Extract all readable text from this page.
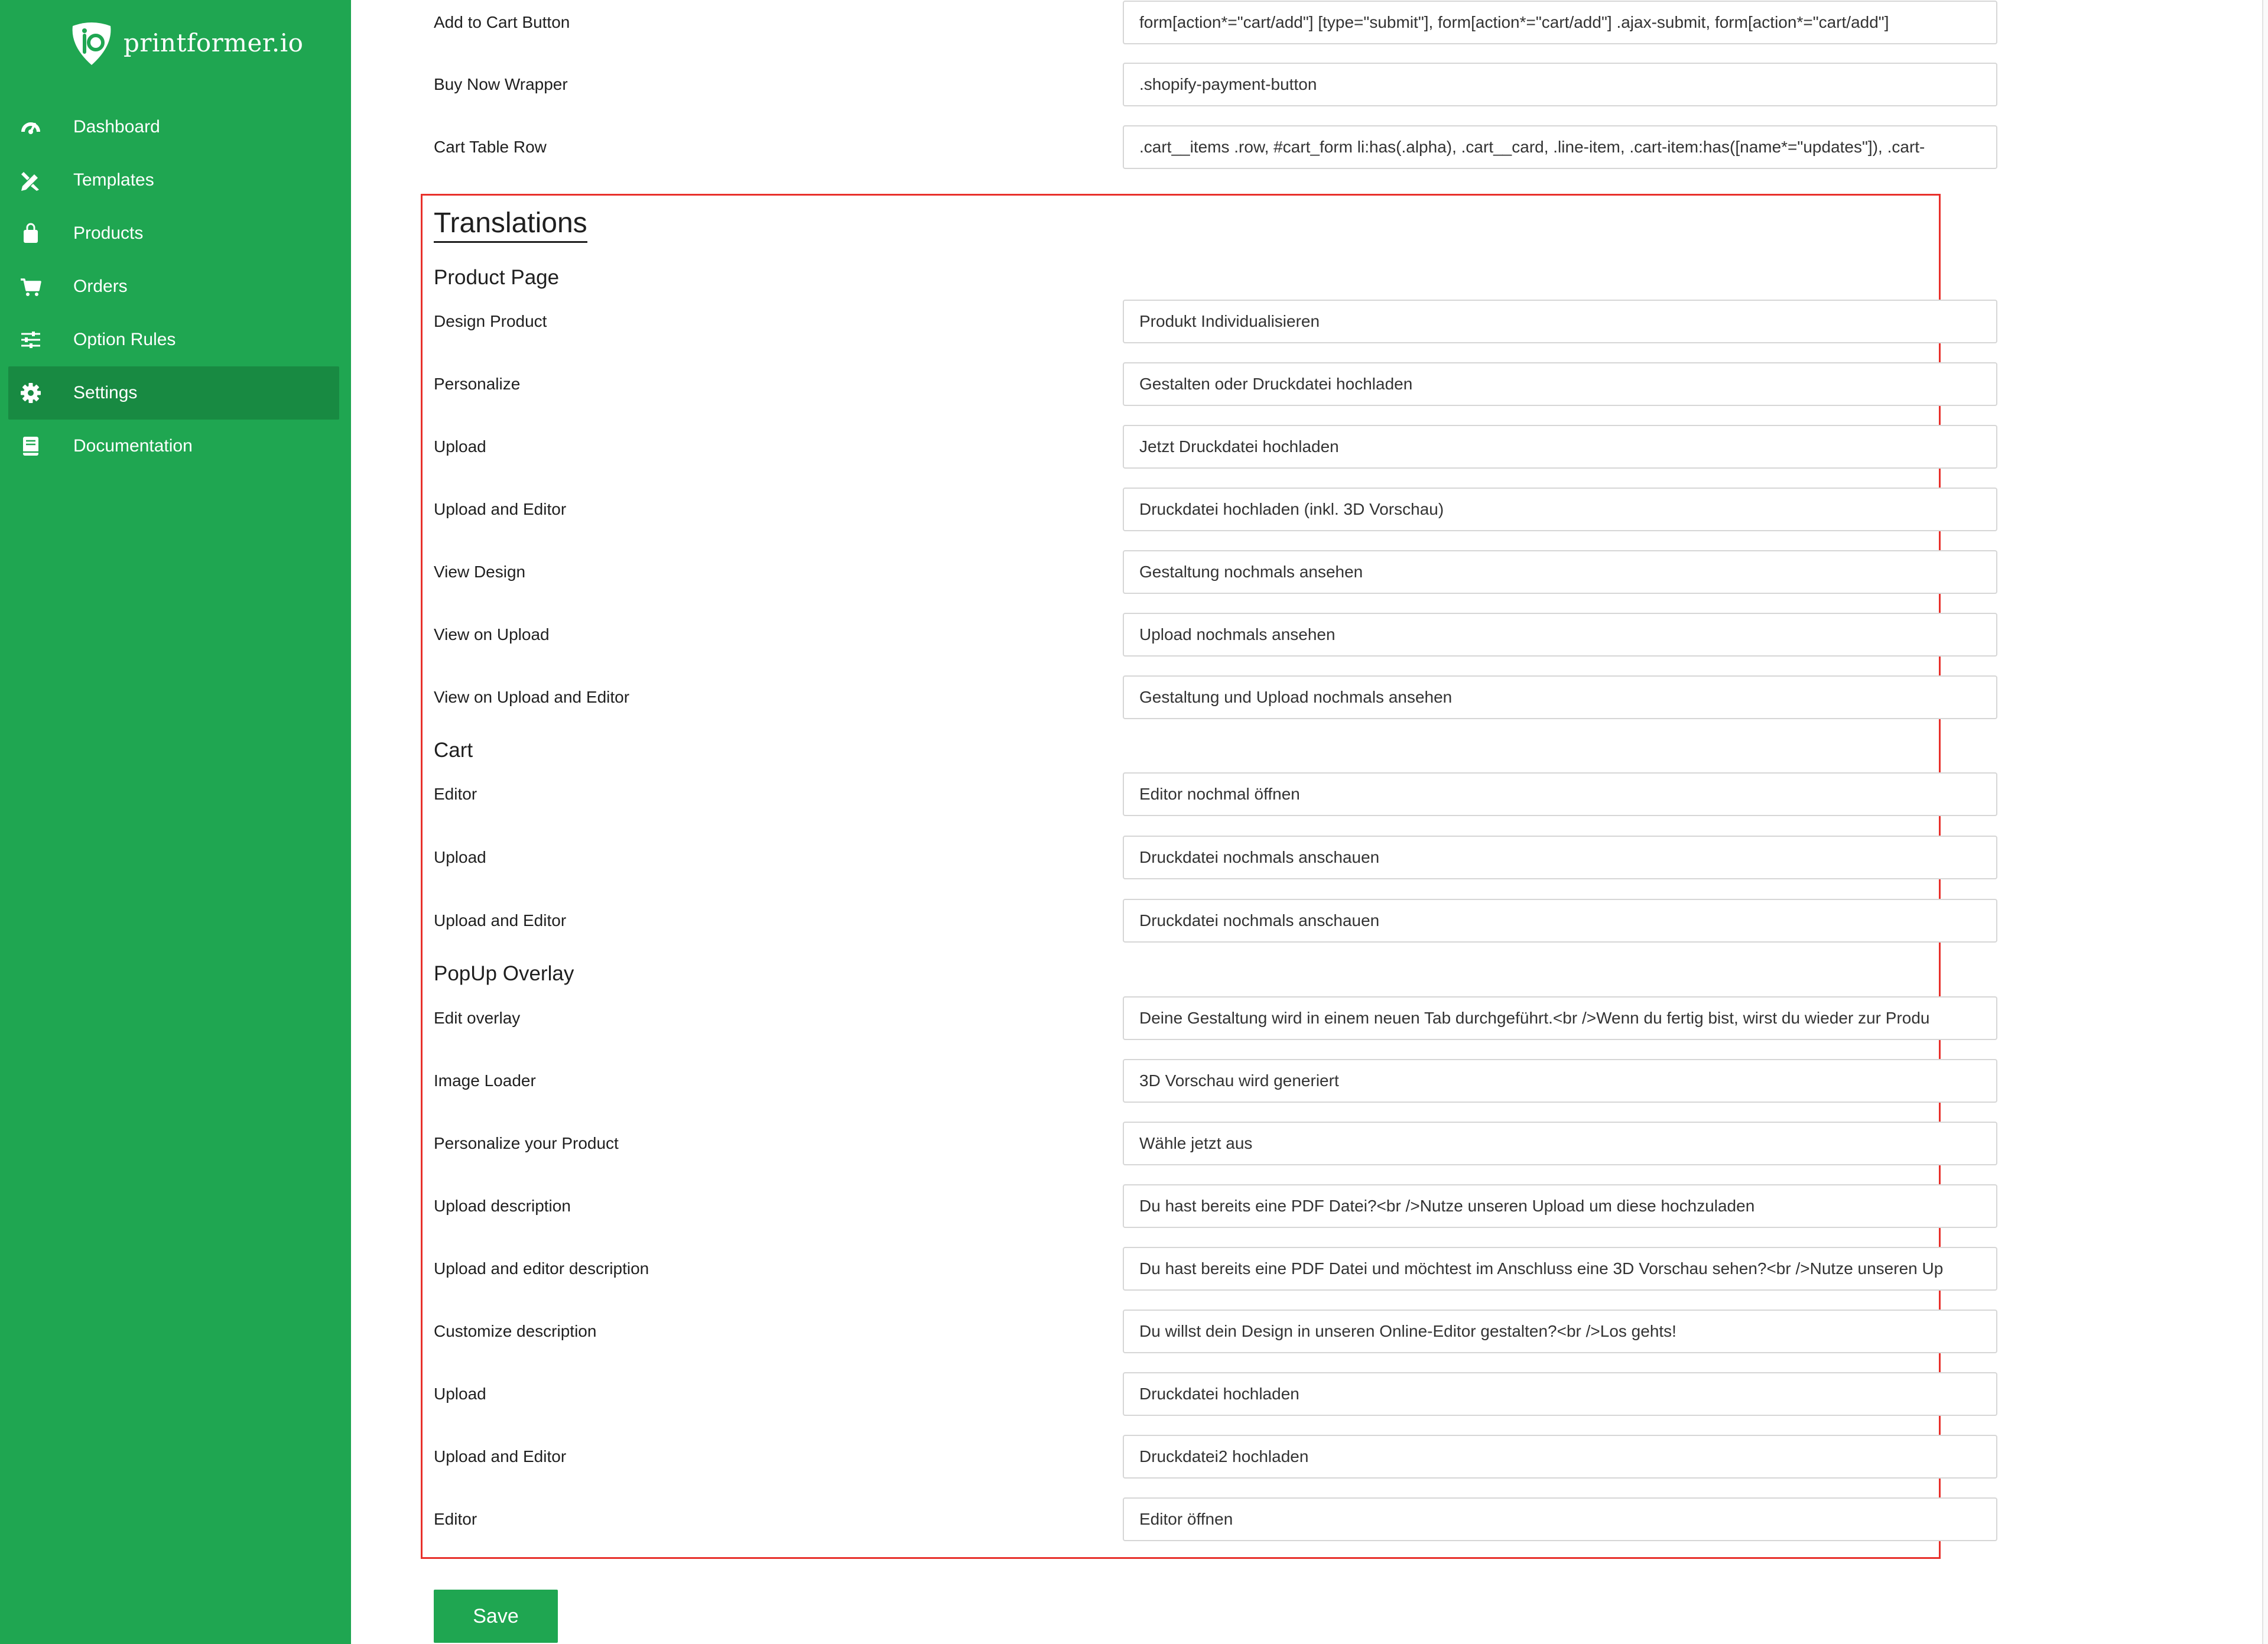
printformer.io
Dashboard
Templates
Products
Orders
Option Rules
Settings
Documentation
Add to Cart Button
form[action*="cart/add"] [type="submit"], form[action*="cart/add"] .ajax-submit, form[action*="cart/add"]
Buy Now Wrapper
.shopify-payment-button
Cart Table Row
.cart__items .row, #cart_form li:has(.alpha), .cart__card, .line-item, .cart-item:has([name*="updates"]), .cart-
Translations
Product Page
Design Product
Produkt Individualisieren
Personalize
Gestalten oder Druckdatei hochladen
Upload
Jetzt Druckdatei hochladen
Upload and Editor
Druckdatei hochladen (inkl. 3D Vorschau)
View Design
Gestaltung nochmals ansehen
View on Upload
Upload nochmals ansehen
View on Upload and Editor
Gestaltung und Upload nochmals ansehen
Cart
Editor
Editor nochmal öffnen
Upload
Druckdatei nochmals anschauen
Upload and Editor
Druckdatei nochmals anschauen
PopUp Overlay
Edit overlay
Deine Gestaltung wird in einem neuen Tab durchgeführt.<br />Wenn du fertig bist, wirst du wieder zur Produ
Image Loader
3D Vorschau wird generiert
Personalize your Product
Wähle jetzt aus
Upload description
Du hast bereits eine PDF Datei?<br />Nutze unseren Upload um diese hochzuladen
Upload and editor description
Du hast bereits eine PDF Datei und möchtest im Anschluss eine 3D Vorschau sehen?<br />Nutze unseren Up
Customize description
Du willst dein Design in unseren Online-Editor gestalten?<br />Los gehts!
Upload
Druckdatei hochladen
Upload and Editor
Druckdatei2 hochladen
Editor
Editor öffnen
Save
